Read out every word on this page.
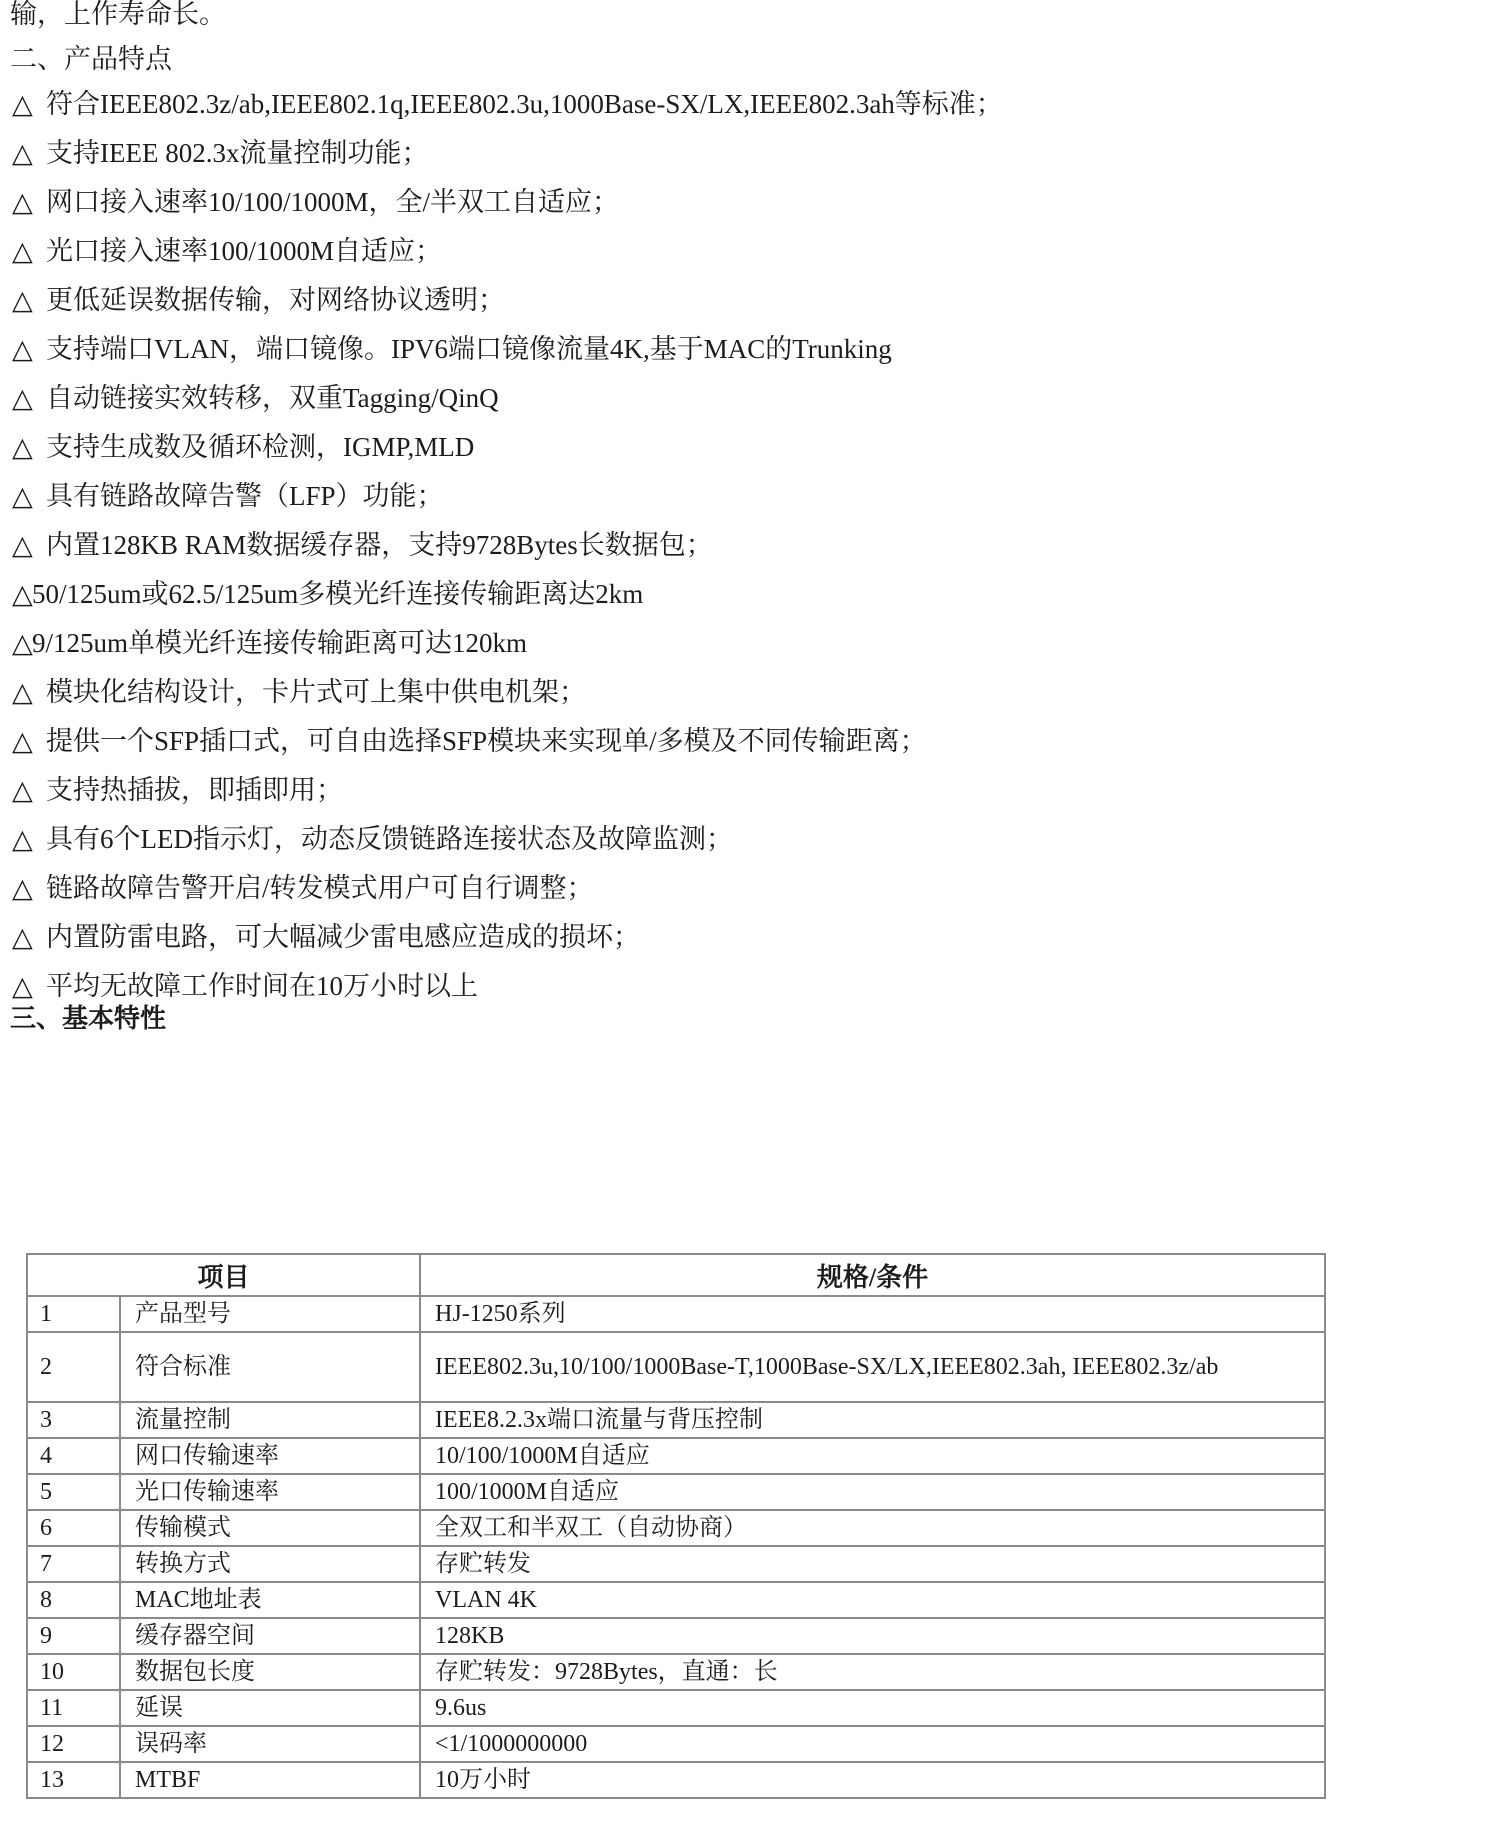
输，上作寿命长。
二、产品特点
△ 符合IEEE802.3z/ab,IEEE802.1q,IEEE802.3u,1000Base-SX/LX,IEEE802.3ah等标准；
△ 支持IEEE 802.3x流量控制功能；
△ 网口接入速率10/100/1000M，全/半双工自适应；
△ 光口接入速率100/1000M自适应；
△ 更低延误数据传输，对网络协议透明；
△ 支持端口VLAN，端口镜像。IPV6端口镜像流量4K,基于MAC的Trunking
△ 自动链接实效转移，双重Tagging/QinQ
△ 支持生成数及循环检测，IGMP,MLD
△ 具有链路故障告警（LFP）功能；
△ 内置128KB RAM数据缓存器，支持9728Bytes长数据包；
△50/125um或62.5/125um多模光纤连接传输距离达2km
△9/125um单模光纤连接传输距离可达120km
△ 模块化结构设计，卡片式可上集中供电机架；
△ 提供一个SFP插口式，可自由选择SFP模块来实现单/多模及不同传输距离；
△ 支持热插拔，即插即用；
△ 具有6个LED指示灯，动态反馈链路连接状态及故障监测；
△ 链路故障告警开启/转发模式用户可自行调整；
△ 内置防雷电路，可大幅减少雷电感应造成的损坏；
△ 平均无故障工作时间在10万小时以上
三、基本特性
项目		规格/条件
1	产品型号	HJ-1250系列
2	符合标准	IEEE802.3u,10/100/1000Base-T,1000Base-SX/LX,IEEE802.3ah, IEEE802.3z/ab
3	流量控制	IEEE8.2.3x端口流量与背压控制
4	网口传输速率	10/100/1000M自适应
5	光口传输速率	100/1000M自适应
6	传输模式	全双工和半双工（自动协商）
7	转换方式	存贮转发
8	MAC地址表	VLAN 4K
9	缓存器空间	128KB
10	数据包长度	存贮转发：9728Bytes，直通：长
11	延误	9.6us
12	误码率	<1/1000000000
13	MTBF	10万小时
